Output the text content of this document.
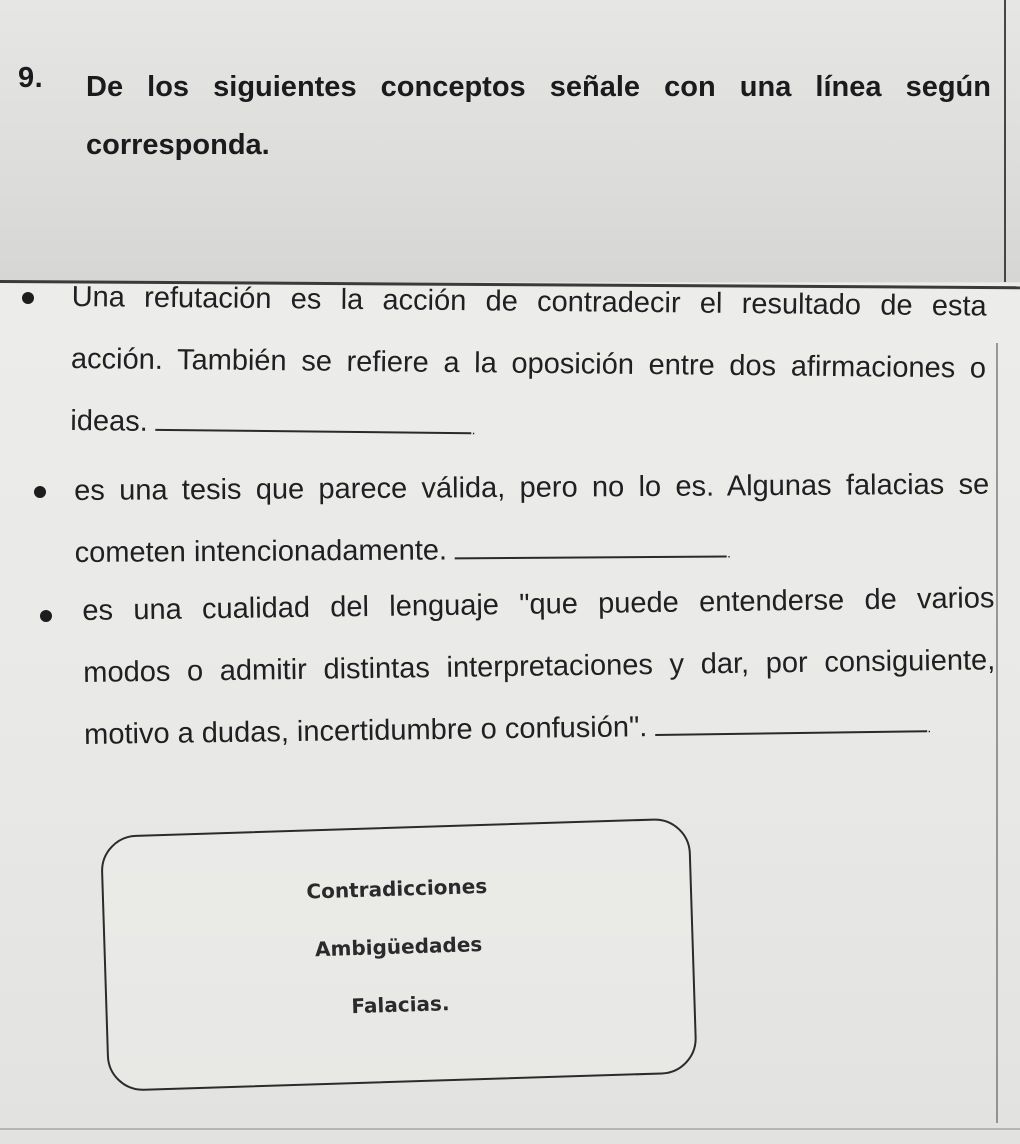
9. De los siguientes conceptos señale con una línea según corresponda.
Una refutación es la acción de contradecir el resultado de esta
acción. También se refiere a la oposición entre dos afirmaciones o
ideas.	.
es una tesis que parece válida, pero no lo es. Algunas falacias se
cometen intencionadamente.	.
es una cualidad del lenguaje "que puede entenderse de varios
modos o admitir distintas interpretaciones y dar, por consiguiente,
motivo a dudas, incertidumbre o confusión".	.
Contradicciones
Ambigüedades
Falacias.
